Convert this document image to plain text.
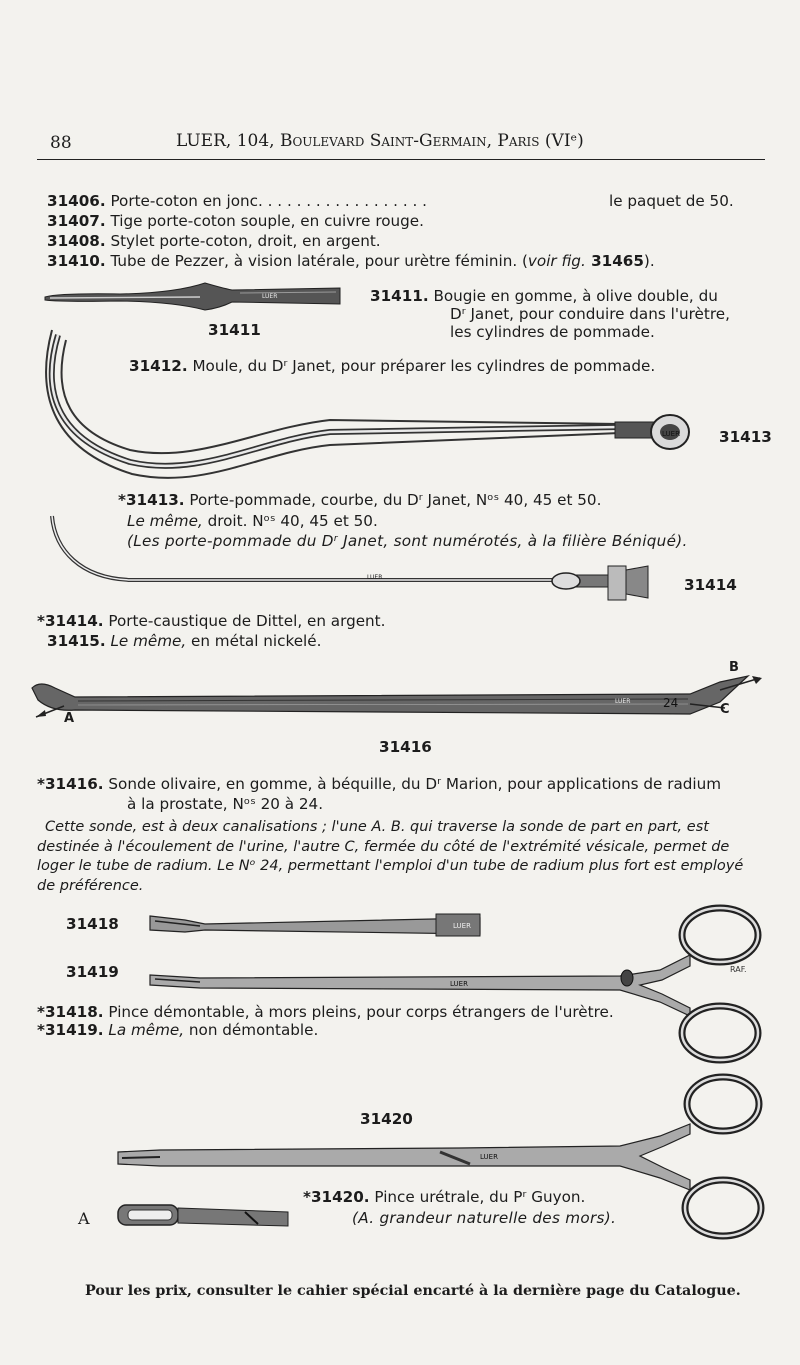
88	LUER, 104, Boulevard Saint-Germain, Paris (VIᵉ)
31406. Porte-coton en jonc. . . . . . . . . . . . . . . . . .	le paquet de 50.
31407. Tige porte-coton souple, en cuivre rouge.
31408. Stylet porte-coton, droit, en argent.
31410. Tube de Pezzer, à vision latérale, pour urètre féminin. (voir fig. 31465).
LUER
31411
31411. Bougie en gomme, à olive double, du
Dʳ Janet, pour conduire dans l'urètre,
les cylindres de pommade.
31412. Moule, du Dʳ Janet, pour préparer les cylindres de pommade.
LUER	31413
*31413. Porte-pommade, courbe, du Dʳ Janet, Nᵒˢ 40, 45 et 50.
Le même, droit. Nᵒˢ 40, 45 et 50.
(Les porte-pommade du Dʳ Janet, sont numérotés, à la filière Béniqué).
LUER	31414
*31414. Porte-caustique de Dittel, en argent.
31415. Le même, en métal nickelé.
LUER	24
A
B
C
31416
*31416. Sonde olivaire, en gomme, à béquille, du Dʳ Marion, pour applications de radium
à la prostate, Nᵒˢ 20 à 24.
Cette sonde, est à deux canalisations ; l'une A. B. qui traverse la sonde de part en part, est
destinée à l'écoulement de l'urine, l'autre C, fermée du côté de l'extrémité vésicale, permet de
loger le tube de radium. Le Nᵒ 24, permettant l'emploi d'un tube de radium plus fort est employé
de préférence.
LUER
LUER
RAF.
31418
31419
*31418. Pince démontable, à mors pleins, pour corps étrangers de l'urètre.
*31419. La même, non démontable.
31420
LUER
A
*31420. Pince urétrale, du Pʳ Guyon.
(A. grandeur naturelle des mors).
Pour les prix, consulter le cahier spécial encarté à la dernière page du Catalogue.
